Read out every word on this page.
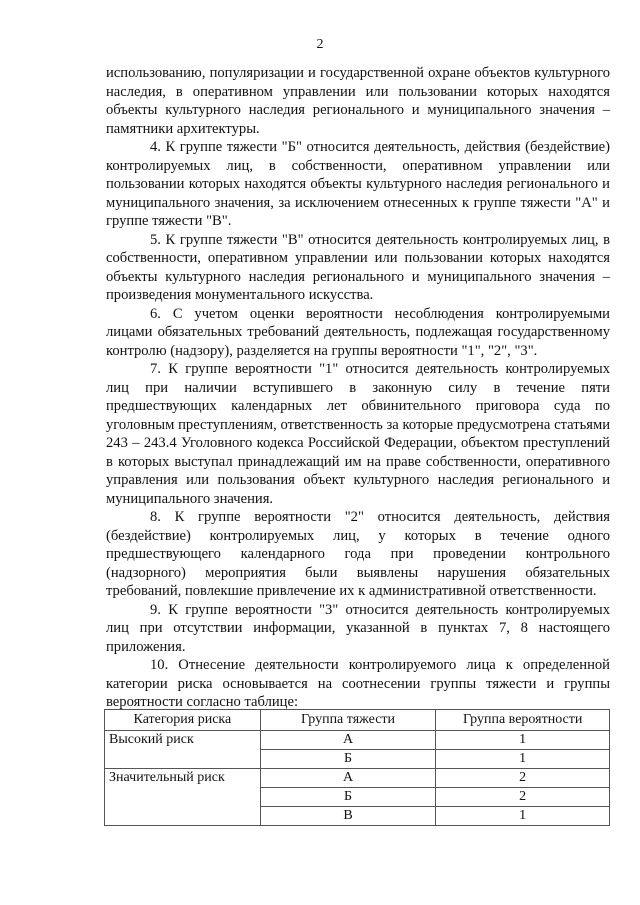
2

использованию, популяризации и государственной охране объектов культурного наследия, в оперативном управлении или пользовании которых находятся объекты культурного наследия регионального и муниципального значения – памятники архитектуры.

4. К группе тяжести "Б" относится деятельность, действия (бездействие) контролируемых лиц, в собственности, оперативном управлении или пользовании которых находятся объекты культурного наследия регионального и муниципального значения, за исключением отнесенных к группе тяжести "А" и группе тяжести "В".

5. К группе тяжести "В" относится деятельность контролируемых лиц, в собственности, оперативном управлении или пользовании которых находятся объекты культурного наследия регионального и муниципального значения – произведения монументального искусства.

6. С учетом оценки вероятности несоблюдения контролируемыми лицами обязательных требований деятельность, подлежащая государственному контролю (надзору), разделяется на группы вероятности "1", "2", "3".

7. К группе вероятности "1" относится деятельность контролируемых лиц при наличии вступившего в законную силу в течение пяти предшествующих календарных лет обвинительного приговора суда по уголовным преступлениям, ответственность за которые предусмотрена статьями 243 – 243.4 Уголовного кодекса Российской Федерации, объектом преступлений в которых выступал принадлежащий им на праве собственности, оперативного управления или пользования объект культурного наследия регионального и муниципального значения.

8. К группе вероятности "2" относится деятельность, действия (бездействие) контролируемых лиц, у которых в течение одного предшествующего календарного года при проведении контрольного (надзорного) мероприятия были выявлены нарушения обязательных требований, повлекшие привлечение их к административной ответственности.

9. К группе вероятности "3" относится деятельность контролируемых лиц при отсутствии информации, указанной в пунктах 7, 8 настоящего приложения.

10. Отнесение деятельности контролируемого лица к определенной категории риска основывается на соотнесении группы тяжести и группы вероятности согласно таблице:

Категория риска	Группа тяжести	Группа вероятности
Высокий риск	А	1
	Б	1
Значительный риск	А	2
	Б	2
	В	1
